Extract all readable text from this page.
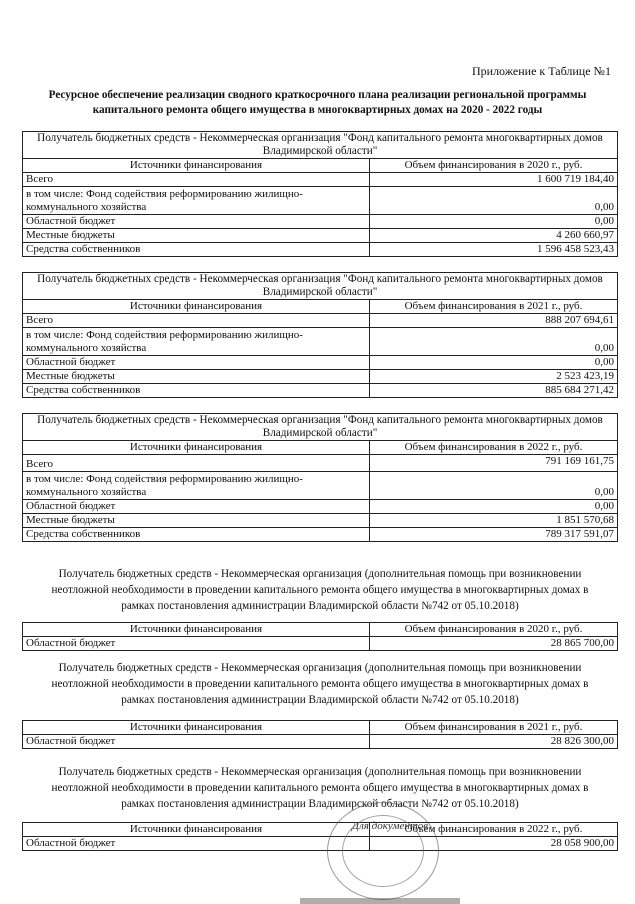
Приложение к Таблице №1
Ресурсное обеспечение реализации сводного краткосрочного плана реализации региональной программы капитального ремонта общего имущества в многоквартирных домах на 2020 - 2022 годы
Получатель бюджетных средств - Некоммерческая организация "Фонд капитального ремонта многоквартирных домов Владимирской области"	
Источники финансирования	Объем финансирования в 2020 г., руб.
Всего	1 600 719 184,40
в том числе: Фонд содействия реформированию жилищно-коммунального хозяйства	0,00
Областной бюджет	0,00
Местные бюджеты	4 260 660,97
Средства собственников	1 596 458 523,43
Получатель бюджетных средств - Некоммерческая организация "Фонд капитального ремонта многоквартирных домов Владимирской области"	
Источники финансирования	Объем финансирования в 2021 г., руб.
Всего	888 207 694,61
в том числе: Фонд содействия реформированию жилищно-коммунального хозяйства	0,00
Областной бюджет	0,00
Местные бюджеты	2 523 423,19
Средства собственников	885 684 271,42
Получатель бюджетных средств - Некоммерческая организация "Фонд капитального ремонта многоквартирных домов Владимирской области"	
Источники финансирования	Объем финансирования в 2022 г., руб.
Всего	791 169 161,75
в том числе: Фонд содействия реформированию жилищно-коммунального хозяйства	0,00
Областной бюджет	0,00
Местные бюджеты	1 851 570,68
Средства собственников	789 317 591,07
Получатель бюджетных средств - Некоммерческая организация (дополнительная помощь при возникновении неотложной необходимости в проведении капитального ремонта общего имущества в многоквартирных домах в рамках постановления администрации Владимирской области №742 от 05.10.2018)
Источники финансирования	Объем финансирования в 2020 г., руб.
Областной бюджет	28 865 700,00
Получатель бюджетных средств - Некоммерческая организация (дополнительная помощь при возникновении неотложной необходимости в проведении капитального ремонта общего имущества в многоквартирных домах в рамках постановления администрации Владимирской области №742 от 05.10.2018)
Источники финансирования	Объем финансирования в 2021 г., руб.
Областной бюджет	28 826 300,00
Получатель бюджетных средств - Некоммерческая организация (дополнительная помощь при возникновении неотложной необходимости в проведении капитального ремонта общего имущества в многоквартирных домах в рамках постановления администрации Владимирской области №742 от 05.10.2018)
Источники финансирования	Объем финансирования в 2022 г., руб.
Областной бюджет	28 058 900,00
Для документов
